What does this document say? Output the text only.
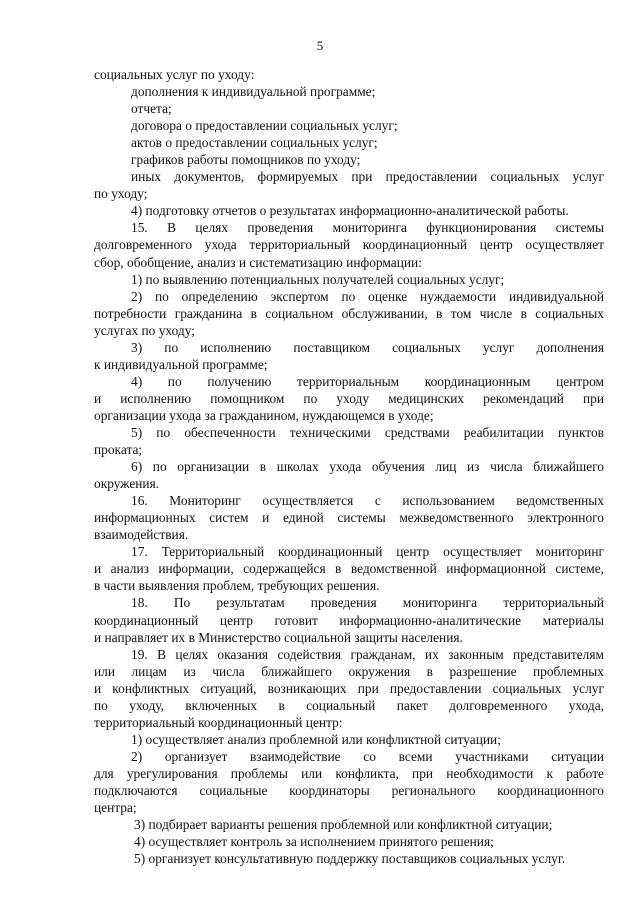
5
социальных услуг по уходу:
дополнения к индивидуальной программе;
отчета;
договора о предоставлении социальных услуг;
актов о предоставлении социальных услуг;
графиков работы помощников по уходу;
иных документов, формируемых при предоставлении социальных услуг
по уходу;
4) подготовку отчетов о результатах информационно-аналитической работы.
15. В целях проведения мониторинга функционирования системы
долговременного ухода территориальный координационный центр осуществляет
сбор, обобщение, анализ и систематизацию информации:
1) по выявлению потенциальных получателей социальных услуг;
2) по определению экспертом по оценке нуждаемости индивидуальной
потребности гражданина в социальном обслуживании, в том числе в социальных
услугах по уходу;
3) по исполнению поставщиком социальных услуг дополнения
к индивидуальной программе;
4) по получению территориальным координационным центром
и исполнению помощником по уходу медицинских рекомендаций при
организации ухода за гражданином, нуждающемся в уходе;
5) по обеспеченности техническими средствами реабилитации пунктов
проката;
6) по организации в школах ухода обучения лиц из числа ближайшего
окружения.
16. Мониторинг осуществляется с использованием ведомственных
информационных систем и единой системы межведомственного электронного
взаимодействия.
17. Территориальный координационный центр осуществляет мониторинг
и анализ информации, содержащейся в ведомственной информационной системе,
в части выявления проблем, требующих решения.
18. По результатам проведения мониторинга территориальный
координационный центр готовит информационно-аналитические материалы
и направляет их в Министерство социальной защиты населения.
19. В целях оказания содействия гражданам, их законным представителям
или лицам из числа ближайшего окружения в разрешение проблемных
и конфликтных ситуаций, возникающих при предоставлении социальных услуг
по уходу, включенных в социальный пакет долговременного ухода,
территориальный координационный центр:
1) осуществляет анализ проблемной или конфликтной ситуации;
2) организует взаимодействие со всеми участниками ситуации
для урегулирования проблемы или конфликта, при необходимости к работе
подключаются социальные координаторы регионального координационного
центра;
3) подбирает варианты решения проблемной или конфликтной ситуации;
4) осуществляет контроль за исполнением принятого решения;
5) организует консультативную поддержку поставщиков социальных услуг.
